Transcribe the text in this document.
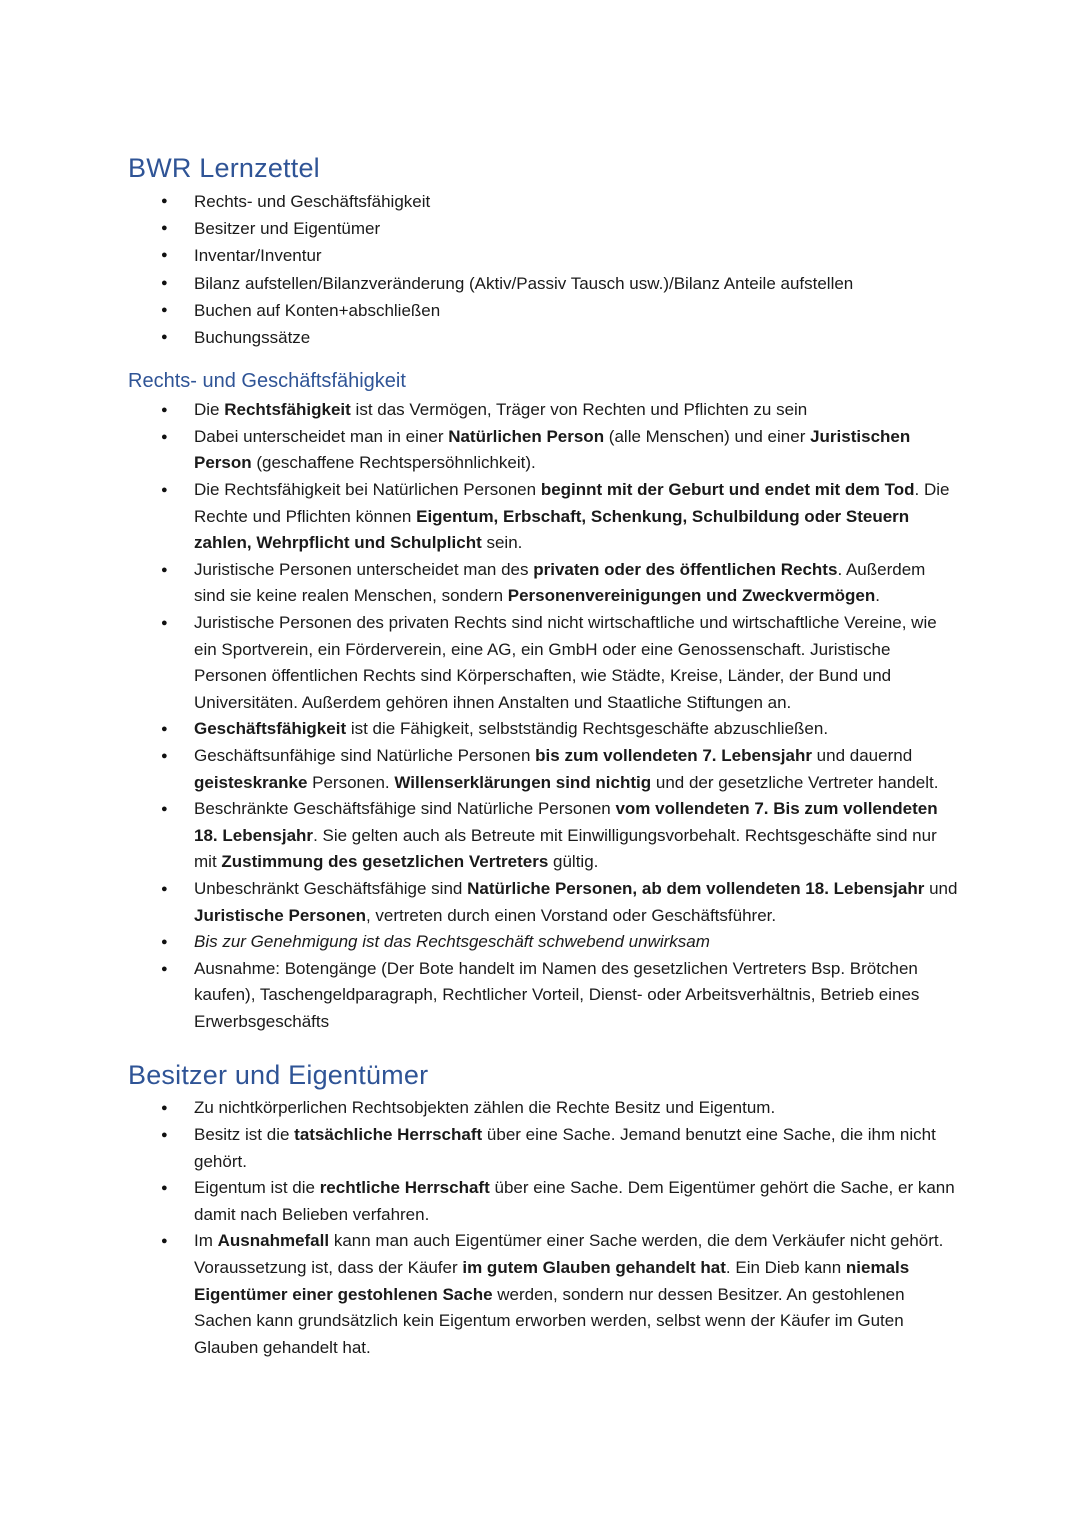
BWR Lernzettel
● Rechts- und Geschäftsfähigkeit
● Besitzer und Eigentümer
● Inventar/Inventur
● Bilanz aufstellen/Bilanzveränderung (Aktiv/Passiv Tausch usw.)/Bilanz Anteile aufstellen
● Buchen auf Konten+abschließen
● Buchungssätze
Rechts- und Geschäftsfähigkeit
● Die Rechtsfähigkeit ist das Vermögen, Träger von Rechten und Pflichten zu sein
● Dabei unterscheidet man in einer Natürlichen Person (alle Menschen) und einer Juristischen Person (geschaffene Rechtspersöhnlichkeit).
● Die Rechtsfähigkeit bei Natürlichen Personen beginnt mit der Geburt und endet mit dem Tod. Die Rechte und Pflichten können Eigentum, Erbschaft, Schenkung, Schulbildung oder Steuern zahlen, Wehrpflicht und Schulplicht sein.
● Juristische Personen unterscheidet man des privaten oder des öffentlichen Rechts. Außerdem sind sie keine realen Menschen, sondern Personenvereinigungen und Zweckvermögen.
● Juristische Personen des privaten Rechts sind nicht wirtschaftliche und wirtschaftliche Vereine, wie ein Sportverein, ein Förderverein, eine AG, ein GmbH oder eine Genossenschaft. Juristische Personen öffentlichen Rechts sind Körperschaften, wie Städte, Kreise, Länder, der Bund und Universitäten. Außerdem gehören ihnen Anstalten und Staatliche Stiftungen an.
● Geschäftsfähigkeit ist die Fähigkeit, selbstständig Rechtsgeschäfte abzuschließen.
● Geschäftsunfähige sind Natürliche Personen bis zum vollendeten 7. Lebensjahr und dauernd geisteskranke Personen. Willenserklärungen sind nichtig und der gesetzliche Vertreter handelt.
● Beschränkte Geschäftsfähige sind Natürliche Personen vom vollendeten 7. Bis zum vollendeten 18. Lebensjahr. Sie gelten auch als Betreute mit Einwilligungsvorbehalt. Rechtsgeschäfte sind nur mit Zustimmung des gesetzlichen Vertreters gültig.
● Unbeschränkt Geschäftsfähige sind Natürliche Personen, ab dem vollendeten 18. Lebensjahr und Juristische Personen, vertreten durch einen Vorstand oder Geschäftsführer.
● Bis zur Genehmigung ist das Rechtsgeschäft schwebend unwirksam
● Ausnahme: Botengänge (Der Bote handelt im Namen des gesetzlichen Vertreters Bsp. Brötchen kaufen), Taschengeldparagraph, Rechtlicher Vorteil, Dienst- oder Arbeitsverhältnis, Betrieb eines Erwerbsgeschäfts
Besitzer und Eigentümer
● Zu nichtkörperlichen Rechtsobjekten zählen die Rechte Besitz und Eigentum.
● Besitz ist die tatsächliche Herrschaft über eine Sache. Jemand benutzt eine Sache, die ihm nicht gehört.
● Eigentum ist die rechtliche Herrschaft über eine Sache. Dem Eigentümer gehört die Sache, er kann damit nach Belieben verfahren.
● Im Ausnahmefall kann man auch Eigentümer einer Sache werden, die dem Verkäufer nicht gehört. Voraussetzung ist, dass der Käufer im gutem Glauben gehandelt hat. Ein Dieb kann niemals Eigentümer einer gestohlenen Sache werden, sondern nur dessen Besitzer. An gestohlenen Sachen kann grundsätzlich kein Eigentum erworben werden, selbst wenn der Käufer im Guten Glauben gehandelt hat.
